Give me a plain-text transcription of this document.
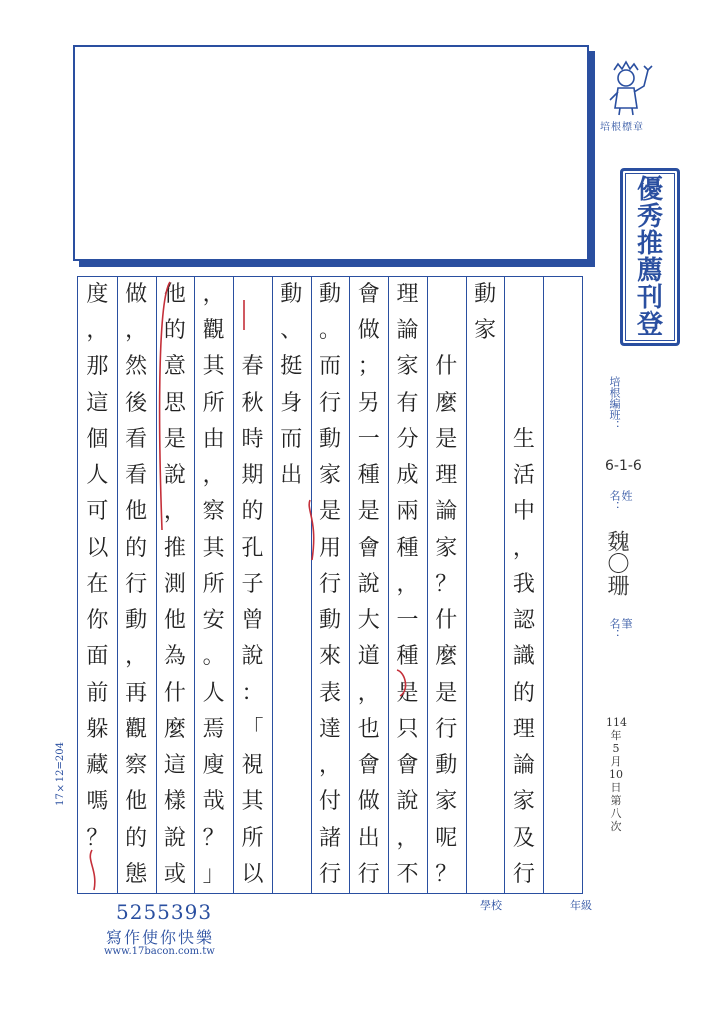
培根標章
優
秀
推
薦
刊
登
生
活
中
，
我
認
識
的
理
論
家
及
行
動
家
什
麼
是
理
論
家
？
什
麼
是
行
動
家
呢
？
理
論
家
有
分
成
兩
種
，
一
種
是
只
會
說
，
不
會
做
；
另
一
種
是
會
說
大
道
，
也
會
做
出
行
動
。
而
行
動
家
是
用
行
動
來
表
達
，
付
諸
行
動
、
挺
身
而
出
春
秋
時
期
的
孔
子
曾
說
：
「
視
其
所
以
，
觀
其
所
由
，
察
其
所
安
。
人
焉
廋
哉
？
」
他
的
意
思
是
說
，
推
測
他
為
什
麼
這
樣
說
或
做
，
然
後
看
看
他
的
行
動
，
再
觀
察
他
的
態
度
，
那
這
個
人
可
以
在
你
面
前
躲
藏
嗎
？
培根編班：
6-1-6
姓名：
魏〇珊
筆名：
114
年
5
月
10
日
第
八
次
17×12=204
學校	年級
5255393
寫作使你快樂
www.17bacon.com.tw
